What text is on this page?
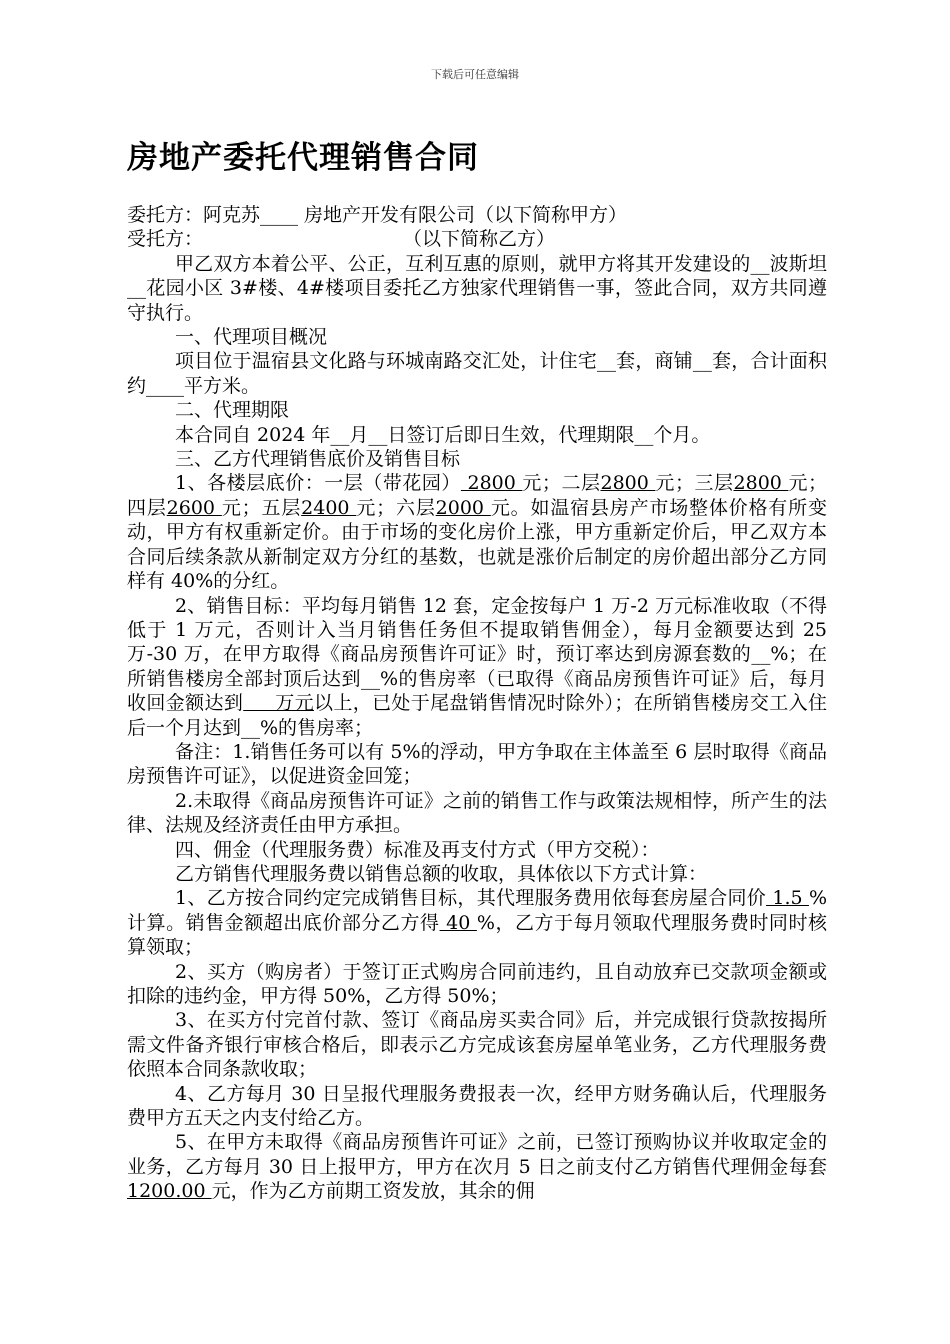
下载后可任意编辑
房地产委托代理销售合同

委托方：阿克苏____ 房地产开发有限公司（以下简称甲方）

受托方：	（以下简称乙方）

甲乙双方本着公平、公正，互利互惠的原则，就甲方将其开发建设的__波斯坦__花园小区 3#楼、4#楼项目委托乙方独家代理销售一事，签此合同，双方共同遵守执行。

一、代理项目概况

项目位于温宿县文化路与环城南路交汇处，计住宅__套，商铺__套，合计面积约____平方米。

二、代理期限

本合同自 2024 年__月__日签订后即日生效，代理期限__个月。

三、乙方代理销售底价及销售目标

1、各楼层底价：一层（带花园） 2800 元；二层2800 元；三层2800 元；四层2600 元；五层2400 元；六层2000 元。如温宿县房产市场整体价格有所变动，甲方有权重新定价。由于市场的变化房价上涨，甲方重新定价后，甲乙双方本合同后续条款从新制定双方分红的基数，也就是涨价后制定的房价超出部分乙方同样有 40%的分红。

2、销售目标：平均每月销售 12 套，定金按每户 1 万-2 万元标准收取（不得低于 1 万元，否则计入当月销售任务但不提取销售佣金），每月金额要达到 25 万-30 万，在甲方取得《商品房预售许可证》时，预订率达到房源套数的__%；在所销售楼房全部封顶后达到__%的售房率（已取得《商品房预售许可证》后，每月收回金额达到     万元以上，已处于尾盘销售情况时除外）；在所销售楼房交工入住后一个月达到__%的售房率；

备注：1.销售任务可以有 5%的浮动，甲方争取在主体盖至 6 层时取得《商品房预售许可证》，以促进资金回笼；

2.未取得《商品房预售许可证》之前的销售工作与政策法规相悖，所产生的法律、法规及经济责任由甲方承担。

四、佣金（代理服务费）标准及再支付方式（甲方交税）：

乙方销售代理服务费以销售总额的收取，具体依以下方式计算：

1、乙方按合同约定完成销售目标，其代理服务费用依每套房屋合同价 1.5 %计算。销售金额超出底价部分乙方得 40 %，乙方于每月领取代理服务费时同时核算领取；

2、买方（购房者）于签订正式购房合同前违约，且自动放弃已交款项金额或扣除的违约金，甲方得 50%，乙方得 50%；

3、在买方付完首付款、签订《商品房买卖合同》后，并完成银行贷款按揭所需文件备齐银行审核合格后，即表示乙方完成该套房屋单笔业务，乙方代理服务费依照本合同条款收取；

4、乙方每月 30 日呈报代理服务费报表一次，经甲方财务确认后，代理服务费甲方五天之内支付给乙方。

5、在甲方未取得《商品房预售许可证》之前，已签订预购协议并收取定金的业务，乙方每月 30 日上报甲方，甲方在次月 5 日之前支付乙方销售代理佣金每套 1200.00 元，作为乙方前期工资发放，其余的佣
